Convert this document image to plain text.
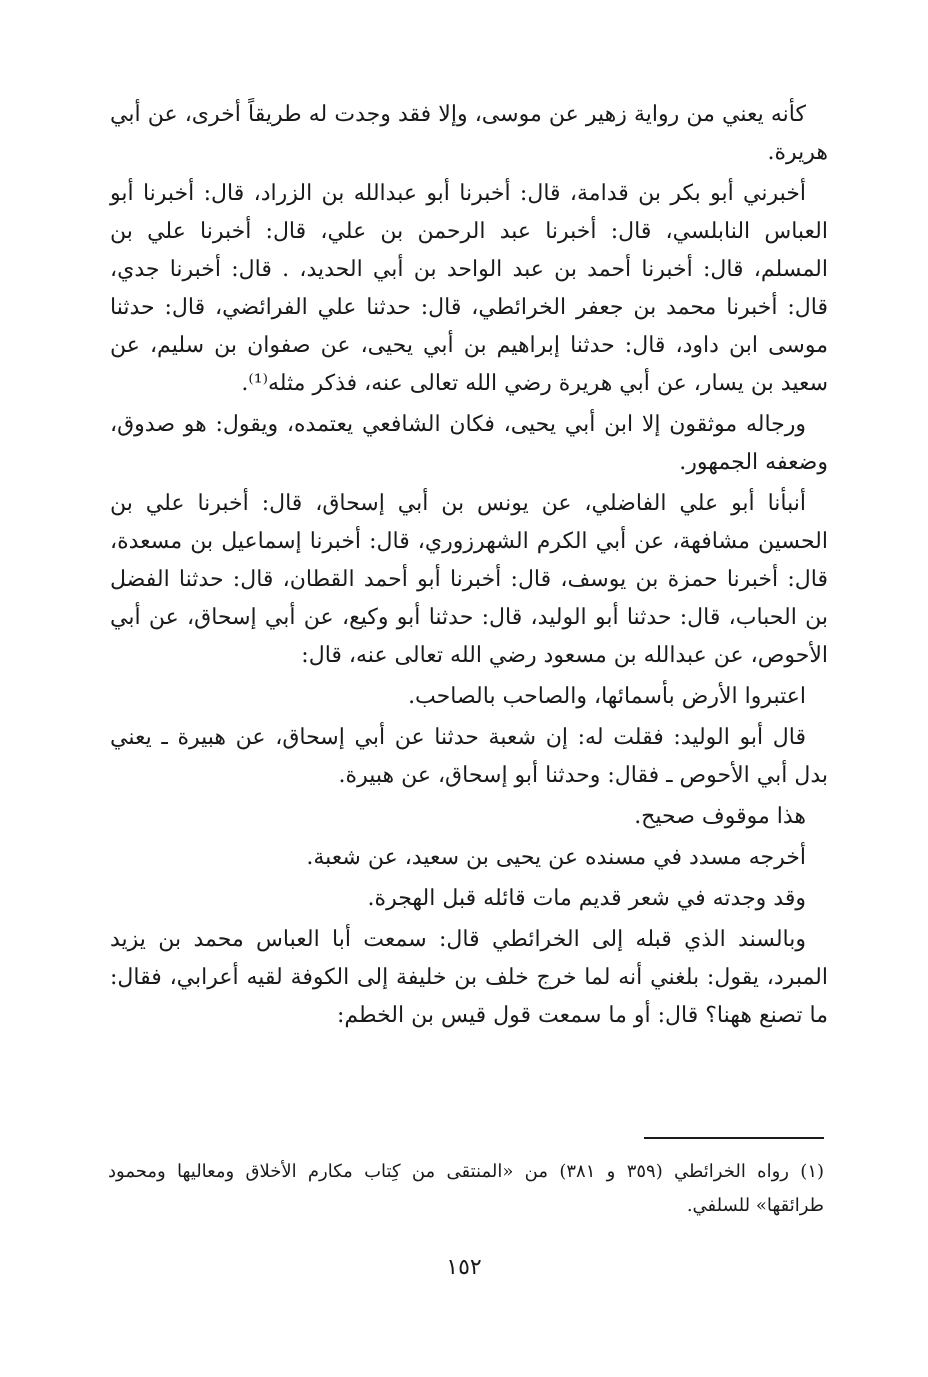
كأنه يعني من رواية زهير عن موسى، وإلا فقد وجدت له طريقاً أخرى، عن أبي هريرة.

أخبرني أبو بكر بن قدامة، قال: أخبرنا أبو عبدالله بن الزراد، قال: أخبرنا أبو العباس النابلسي، قال: أخبرنا عبد الرحمن بن علي، قال: أخبرنا علي بن المسلم، قال: أخبرنا أحمد بن عبد الواحد بن أبي الحديد، . قال: أخبرنا جدي، قال: أخبرنا محمد بن جعفر الخرائطي، قال: حدثنا علي الفرائضي، قال: حدثنا موسى ابن داود، قال: حدثنا إبراهيم بن أبي يحيى، عن صفوان بن سليم، عن سعيد بن يسار، عن أبي هريرة رضي الله تعالى عنه، فذكر مثله⁽¹⁾.

ورجاله موثقون إلا ابن أبي يحيى، فكان الشافعي يعتمده، ويقول: هو صدوق، وضعفه الجمهور.

أنبأنا أبو علي الفاضلي، عن يونس بن أبي إسحاق، قال: أخبرنا علي بن الحسين مشافهة، عن أبي الكرم الشهرزوري، قال: أخبرنا إسماعيل بن مسعدة، قال: أخبرنا حمزة بن يوسف، قال: أخبرنا أبو أحمد القطان، قال: حدثنا الفضل بن الحباب، قال: حدثنا أبو الوليد، قال: حدثنا أبو وكيع، عن أبي إسحاق، عن أبي الأحوص، عن عبدالله بن مسعود رضي الله تعالى عنه، قال:

اعتبروا الأرض بأسمائها، والصاحب بالصاحب.

قال أبو الوليد: فقلت له: إن شعبة حدثنا عن أبي إسحاق، عن هبيرة ـ يعني بدل أبي الأحوص ـ فقال: وحدثنا أبو إسحاق، عن هبيرة.

هذا موقوف صحيح.

أخرجه مسدد في مسنده عن يحيى بن سعيد، عن شعبة.

وقد وجدته في شعر قديم مات قائله قبل الهجرة.

وبالسند الذي قبله إلى الخرائطي قال: سمعت أبا العباس محمد بن يزيد المبرد، يقول: بلغني أنه لما خرج خلف بن خليفة إلى الكوفة لقيه أعرابي، فقال: ما تصنع ههنا؟ قال: أو ما سمعت قول قيس بن الخطم:

(١) رواه الخرائطي (٣٥٩ و ٣٨١) من «المنتقى من كِتاب مكارم الأخلاق ومعاليها ومحمود طرائقها» للسلفي.
١٥٢
